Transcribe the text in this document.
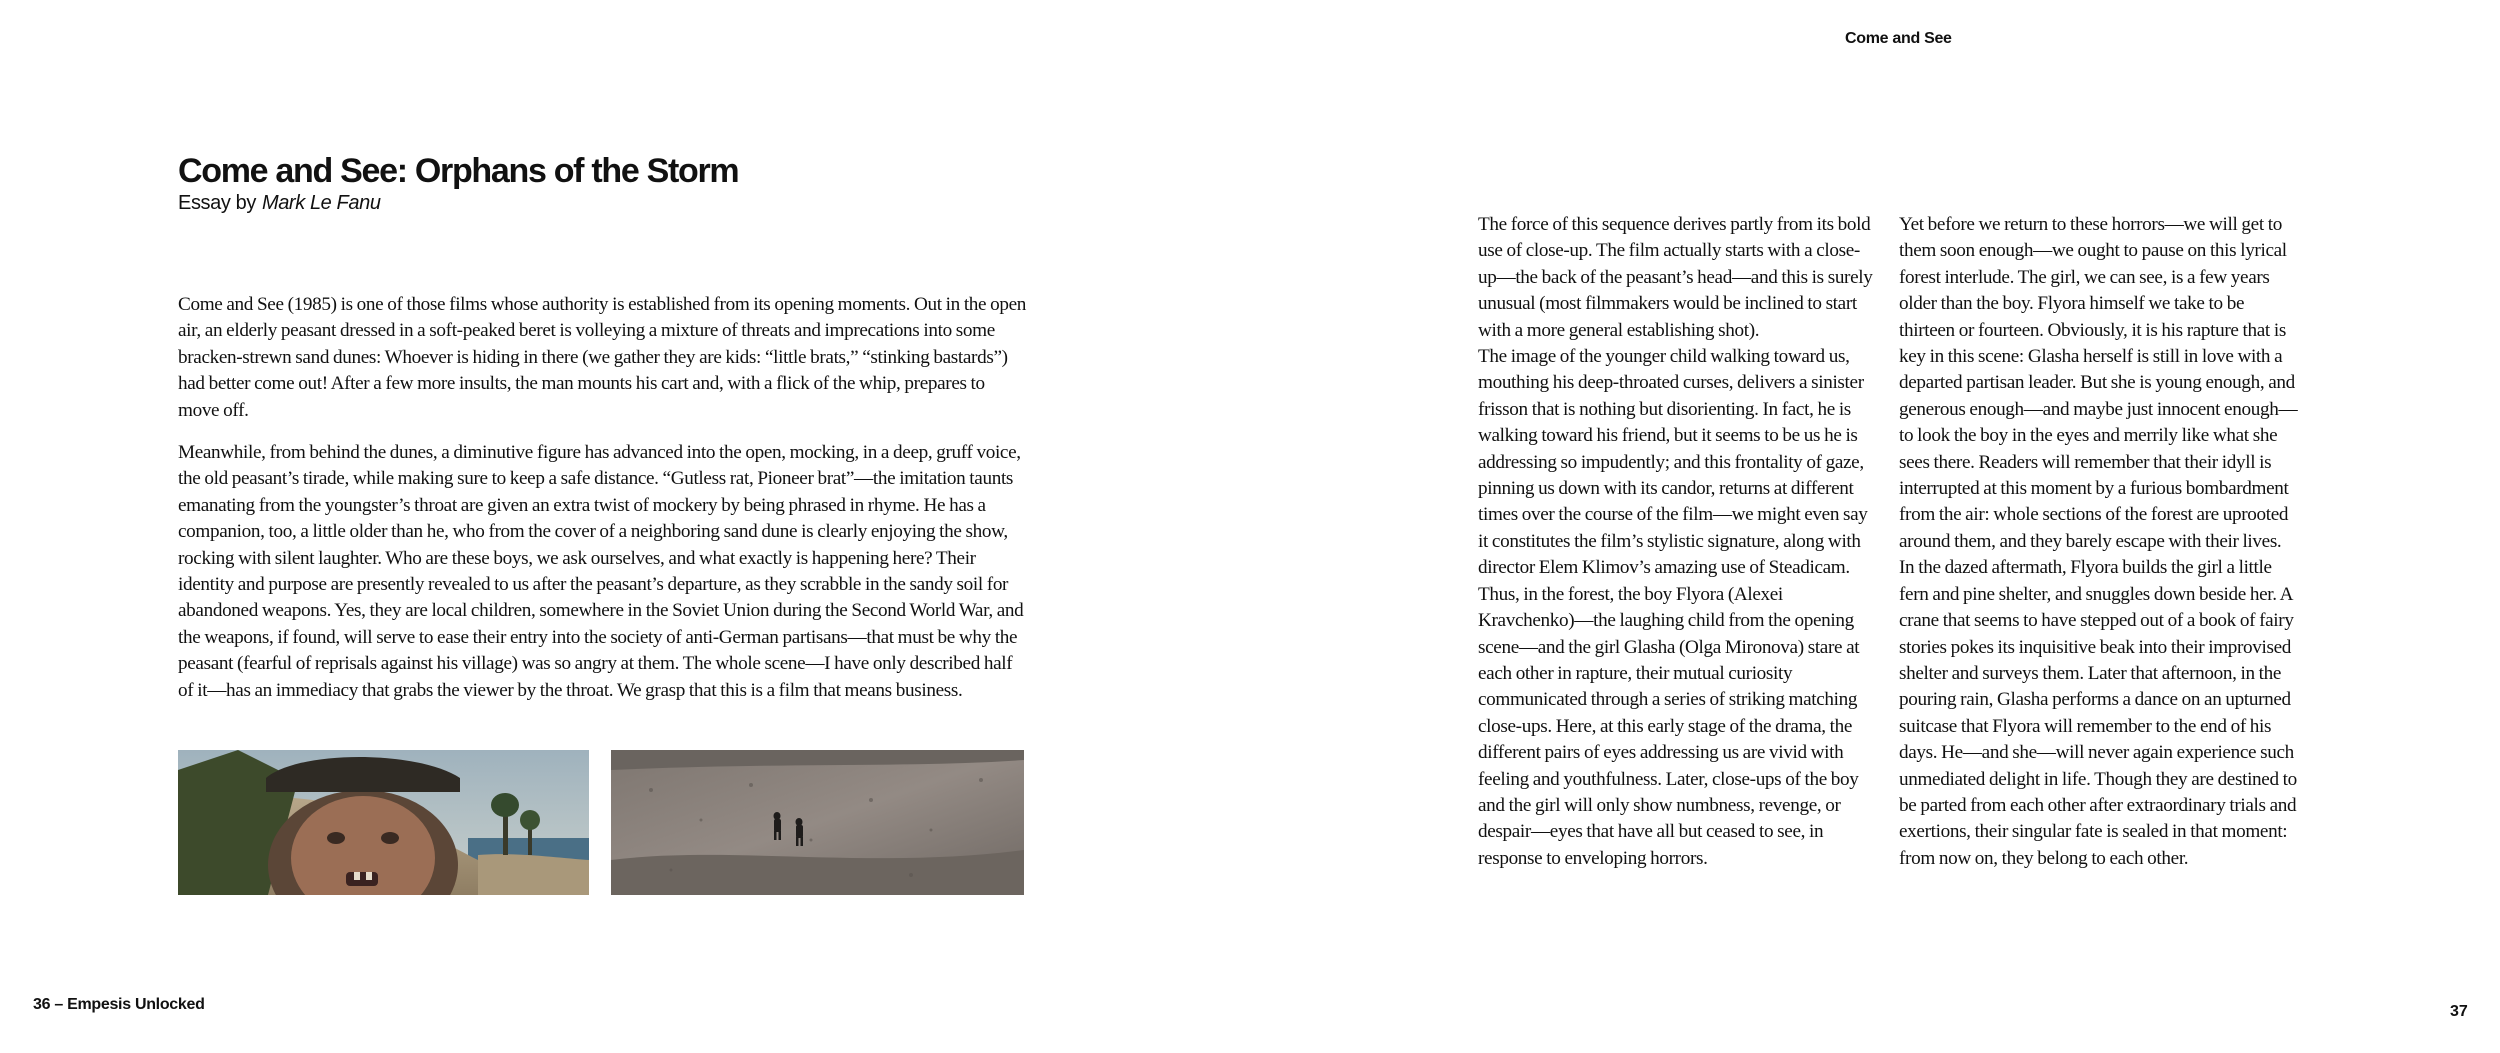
Come and See
Come and See: Orphans of the Storm
Essay by Mark Le Fanu

Come and See (1985) is one of those films whose authority is established from its opening moments. Out in the open air, an elderly peasant dressed in a soft-peaked beret is volleying a mixture of threats and imprecations into some bracken-strewn sand dunes: Whoever is hiding in there (we gather they are kids: “little brats,” “stinking bastards”) had better come out! After a few more insults, the man mounts his cart and, with a flick of the whip, prepares to move off.

Meanwhile, from behind the dunes, a diminutive figure has advanced into the open, mocking, in a deep, gruff voice, the old peasant’s tirade, while making sure to keep a safe distance. “Gutless rat, Pioneer brat”—the imitation taunts emanating from the youngster’s throat are given an extra twist of mockery by being phrased in rhyme. He has a companion, too, a little older than he, who from the cover of a neighboring sand dune is clearly enjoying the show, rocking with silent laughter. Who are these boys, we ask ourselves, and what exactly is happening here? Their identity and purpose are presently revealed to us after the peasant’s departure, as they scrabble in the sandy soil for abandoned weapons. Yes, they are local children, somewhere in the Soviet Union during the Second World War, and the weapons, if found, will serve to ease their entry into the society of anti-German partisans—that must be why the peasant (fearful of reprisals against his village) was so angry at them. The whole scene—I have only described half of it—has an immediacy that grabs the viewer by the throat. We grasp that this is a film that means business.

The force of this sequence derives partly from its bold use of close-up. The film actually starts with a close-up—the back of the peasant’s head—and this is surely unusual (most filmmakers would be inclined to start with a more general establishing shot).

The image of the younger child walking toward us, mouthing his deep-throated curses, delivers a sinister frisson that is nothing but disorienting. In fact, he is walking toward his friend, but it seems to be us he is addressing so impudently; and this frontality of gaze, pinning us down with its candor, returns at different times over the course of the film—we might even say it constitutes the film’s stylistic signature, along with director Elem Klimov’s amazing use of Steadicam. Thus, in the forest, the boy Flyora (Alexei Kravchenko)—the laughing child from the opening scene—and the girl Glasha (Olga Mironova) stare at each other in rapture, their mutual curiosity communicated through a series of striking matching close-ups. Here, at this early stage of the drama, the different pairs of eyes addressing us are vivid with feeling and youthfulness. Later, close-ups of the boy and the girl will only show numbness, revenge, or despair—eyes that have all but ceased to see, in response to enveloping horrors.

Yet before we return to these horrors—we will get to them soon enough—we ought to pause on this lyrical forest interlude. The girl, we can see, is a few years older than the boy. Flyora himself we take to be thirteen or fourteen. Obviously, it is his rapture that is key in this scene: Glasha herself is still in love with a departed partisan leader. But she is young enough, and generous enough—and maybe just innocent enough—to look the boy in the eyes and merrily like what she sees there. Readers will remember that their idyll is interrupted at this moment by a furious bombardment from the air: whole sections of the forest are uprooted around them, and they barely escape with their lives.

In the dazed aftermath, Flyora builds the girl a little fern and pine shelter, and snuggles down beside her. A crane that seems to have stepped out of a book of fairy stories pokes its inquisitive beak into their improvised shelter and surveys them. Later that afternoon, in the pouring rain, Glasha performs a dance on an upturned suitcase that Flyora will remember to the end of his days. He—and she—will never again experience such unmediated delight in life. Though they are destined to be parted from each other after extraordinary trials and exertions, their singular fate is sealed in that moment: from now on, they belong to each other.

36 – Empesis Unlocked	37
